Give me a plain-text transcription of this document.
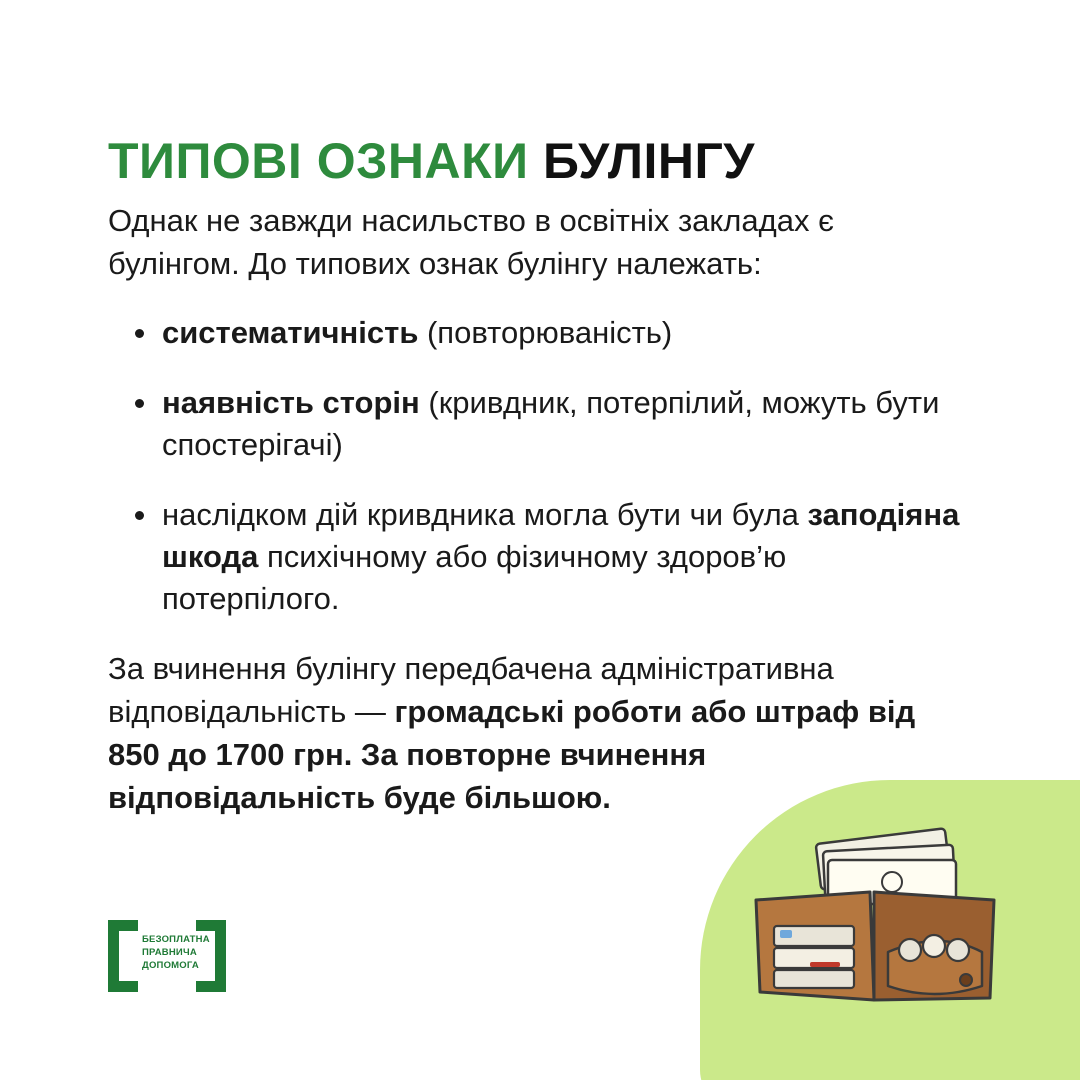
ТИПОВІ ОЗНАКИ БУЛІНГУ

Однак не завжди насильство в освітніх закладах є булінгом. До типових ознак булінгу належать:

систематичність (повторюваність)
наявність сторін (кривдник, потерпілий, можуть бути спостерігачі)
наслідком дій кривдника могла бути чи була заподіяна шкода психічному або фізичному здоров’ю потерпілого.

За вчинення булінгу передбачена адміністративна відповідальність — громадські роботи або штраф від 850 до 1700 грн. За повторне вчинення відповідальність буде більшою.

БЕЗОПЛАТНА
ПРАВНИЧА
ДОПОМОГА
